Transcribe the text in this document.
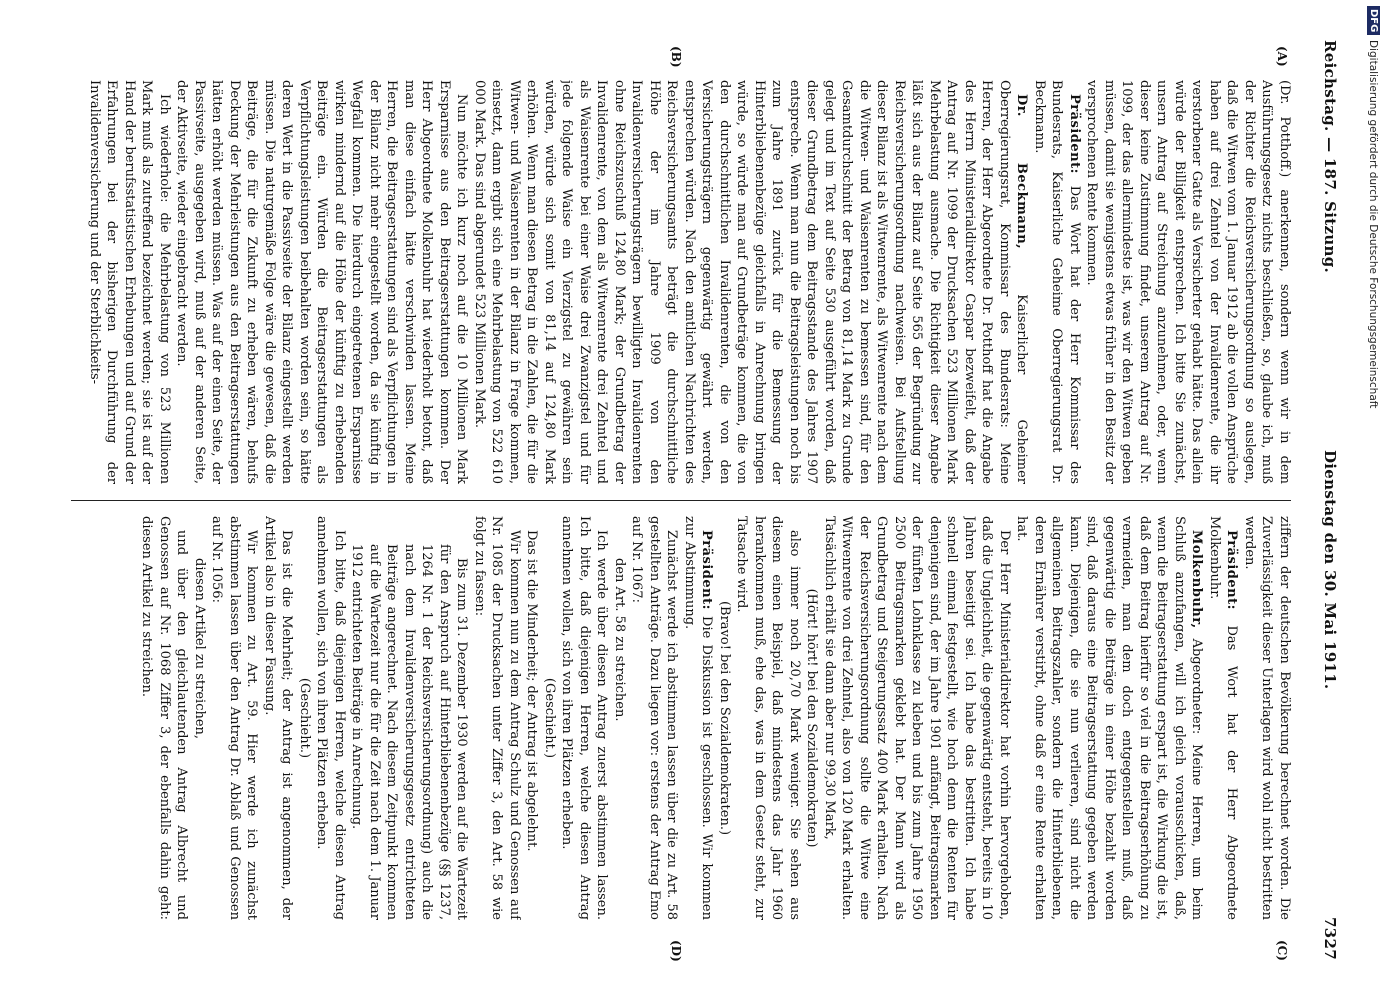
Reichstag. — 187. Sitzung.
Dienstag den 30. Mai 1911.
7327
(A)
(B)
(C)
(D)

(Dr. Potthoff.) anerkennen, sondern wenn wir in dem Ausführungsgesetz nichts beschließen, so, glaube ich, muß der Richter die Reichsversicherungsordnung so auslegen, daß die Witwen vom 1. Januar 1912 ab die vollen Ansprüche haben auf drei Zehntel von der Invalidenrente, die ihr verstorbener Gatte als Versicherter gehabt hätte. Das allein würde der Billigkeit entsprechen. Ich bitte Sie zunächst, unsern Antrag auf Streichung anzunehmen, oder, wenn dieser keine Zustimmung findet, unserem Antrag auf Nr. 1099, der das allermindeste ist, was wir den Witwen geben müssen, damit sie wenigstens etwas früher in den Besitz der versprochenen Rente kommen.

Präsident: Das Wort hat der Herr Kommissar des Bundesrats, Kaiserliche Geheime Oberregierungsrat Dr. Beckmann.

Dr. Beckmann, Kaiserlicher Geheimer Oberregierungsrat, Kommissar des Bundesrats: Meine Herren, der Herr Abgeordnete Dr. Potthoff hat die Angabe des Herrn Ministerialdirektor Caspar bezweifelt, daß der Antrag auf Nr. 1099 der Drucksachen 523 Millionen Mark Mehrbelastung ausmache. Die Richtigkeit dieser Angabe läßt sich aus der Bilanz auf Seite 565 der Begründung zur Reichsversicherungsordnung nachweisen. Bei Aufstellung dieser Bilanz ist als Witwenrente, als Witwenrente nach dem die Witwen- und Waisenrenten zu bemessen sind, für den Gesamtdurchschnitt der Betrag von 81,14 Mark zu Grunde gelegt und im Text auf Seite 530 ausgeführt worden, daß dieser Grundbetrag dem Beitragsstande des Jahres 1907 entspreche. Wenn man nun die Beitragsleistungen noch bis zum Jahre 1891 zurück für die Bemessung der Hinterbliebenenbezüge gleichfalls in Anrechnung bringen würde, so würde man auf Grundbeträge kommen, die von den durchschnittlichen Invalidenrenten, die von den Versicherungsträgern gegenwärtig gewährt werden, entsprechen würden. Nach den amtlichen Nachrichten des Reichsversicherungsamts beträgt die durchschnittliche Höhe der im Jahre 1909 von den Invalidenversicherungsträgern bewilligten Invalidenrenten ohne Reichszuschuß 124,80 Mark; der Grundbetrag der Invalidenrente, von dem als Witwenrente drei Zehntel und als Waisenrente bei einer Waise drei Zwanzigstel und für jede folgende Waise ein Vierzigstel zu gewähren sein würden, würde sich somit von 81,14 auf 124,80 Mark erhöhen. Wenn man diesen Betrag in die Zahlen, die für die Witwen- und Waisenrenten in der Bilanz in Frage kommen, einsetzt, dann ergibt sich eine Mehrbelastung von 522 610 000 Mark. Das sind abgerundet 523 Millionen Mark.

Nun möchte ich kurz noch auf die 10 Millionen Mark Ersparnisse aus den Beitragserstattungen kommen. Der Herr Abgeordnete Molkenbuhr hat wiederholt betont, daß man diese einfach hätte verschwinden lassen. Meine Herren, die Beitragserstattungen sind als Verpflichtungen in der Bilanz nicht mehr eingestellt worden, da sie künftig in Wegfall kommen. Die hierdurch eingetretenen Ersparnisse wirken mindernd auf die Höhe der künftig zu erhebenden Beiträge ein. Würden die Beitragserstattungen als Verpflichtungsleistungen beibehalten worden sein, so hätte deren Wert in die Passivseite der Bilanz eingestellt werden müssen. Die naturgemäße Folge wäre die gewesen, daß die Beiträge, die für die Zukunft zu erheben wären, behufs Deckung der Mehrleistungen aus den Beitragserstattungen hätten erhöht werden müssen. Was auf der einen Seite, der Passivseite, ausgegeben wird, muß auf der anderen Seite, der Aktivseite, wieder eingebracht werden.

Ich wiederhole: die Mehrbelastung von 523 Millionen Mark muß als zutreffend bezeichnet werden; sie ist auf der Hand der berufsstatistischen Erhebungen und auf Grund der Erfahrungen bei der bisherigen Durchführung der Invalidenversicherung und der Sterblichkeits-

ziffern der deutschen Bevölkerung berechnet worden. Die Zuverlässigkeit dieser Unterlagen wird wohl nicht bestritten werden.

Präsident: Das Wort hat der Herr Abgeordnete Molkenbuhr.

Molkenbuhr, Abgeordneter: Meine Herren, um beim Schluß anzufangen, will ich gleich vorausschicken, daß, wenn die Beitragserstattung erspart ist, die Wirkung die ist, daß dem Beitrag hierfür so viel in die Beitragserhöhung zu vermeiden, man dem doch entgegenstellen muß, daß gegenwärtig die Beiträge in einer Höhe bezahlt worden sind, daß daraus eine Beitragserstattung gegeben werden kann. Diejenigen, die sie nun verlieren, sind nicht die allgemeinen Beitragszahler, sondern die Hinterbliebenen, deren Ernährer verstirbt, ohne daß er eine Rente erhalten hat.

Der Herr Ministerialdirektor hat vorhin hervorgehoben, daß die Ungleichheit, die gegenwärtig entsteht, bereits in 10 Jahren beseitigt sei. Ich habe das bestritten. Ich habe schnell einmal festgestellt, wie hoch denn die Renten für denjenigen sind, der im Jahre 1901 anfängt, Beitragsmarken der fünften Lohnklasse zu kleben und bis zum Jahre 1950 2500 Beitragsmarken geklebt hat. Der Mann wird als Grundbetrag und Steigerungssatz 400 Mark erhalten. Nach der Reichsversicherungsordnung sollte die Witwe eine Witwenrente von drei Zehntel, also von 120 Mark erhalten. Tatsächlich erhält sie dann aber nur 99,30 Mark,

(Hört! hört! bei den Sozialdemokraten)

also immer noch 20,70 Mark weniger. Sie sehen aus diesem einen Beispiel, daß mindestens das Jahr 1960 herankommen muß, ehe das, was in dem Gesetz steht, zur Tatsache wird.

(Bravo! bei den Sozialdemokraten.)

Präsident: Die Diskussion ist geschlossen. Wir kommen zur Abstimmung.

Zunächst werde ich abstimmen lassen über die zu Art. 58 gestellten Anträge. Dazu liegen vor: erstens der Antrag Emo auf Nr. 1067:

den Art. 58 zu streichen.

Ich werde über diesen Antrag zuerst abstimmen lassen. Ich bitte, daß diejenigen Herren, welche diesen Antrag annehmen wollen, sich von ihren Plätzen erheben.

(Geschieht.)

Das ist die Minderheit; der Antrag ist abgelehnt.

Wir kommen nun zu dem Antrag Schulz und Genossen auf Nr. 1085 der Drucksachen unter Ziffer 3, den Art. 58 wie folgt zu fassen:

Bis zum 31. Dezember 1930 werden auf die Wartezeit für den Anspruch auf Hinterbliebenenbezüge (§§ 1237, 1264 Nr. 1 der Reichsversicherungsordnung) auch die nach dem Invalidenversicherungsgesetz entrichteten Beiträge angerechnet. Nach diesem Zeitpunkt kommen auf die Wartezeit nur die für die Zeit nach dem 1. Januar 1912 entrichteten Beiträge in Anrechnung.

Ich bitte, daß diejenigen Herren, welche diesen Antrag annehmen wollen, sich von ihren Plätzen erheben.

(Geschieht.)

Das ist die Mehrheit; der Antrag ist angenommen, der Artikel also in dieser Fassung.

Wir kommen zu Art. 59. Hier werde ich zunächst abstimmen lassen über den Antrag Dr. Ablaß und Genossen auf Nr. 1056:

diesen Artikel zu streichen,

und über den gleichlautenden Antrag Albrecht und Genossen auf Nr. 1068 Ziffer 3, der ebenfalls dahin geht: diesen Artikel zu streichen.

DFG
Digitalisierung gefördert durch die Deutsche Forschungsgemeinschaft
